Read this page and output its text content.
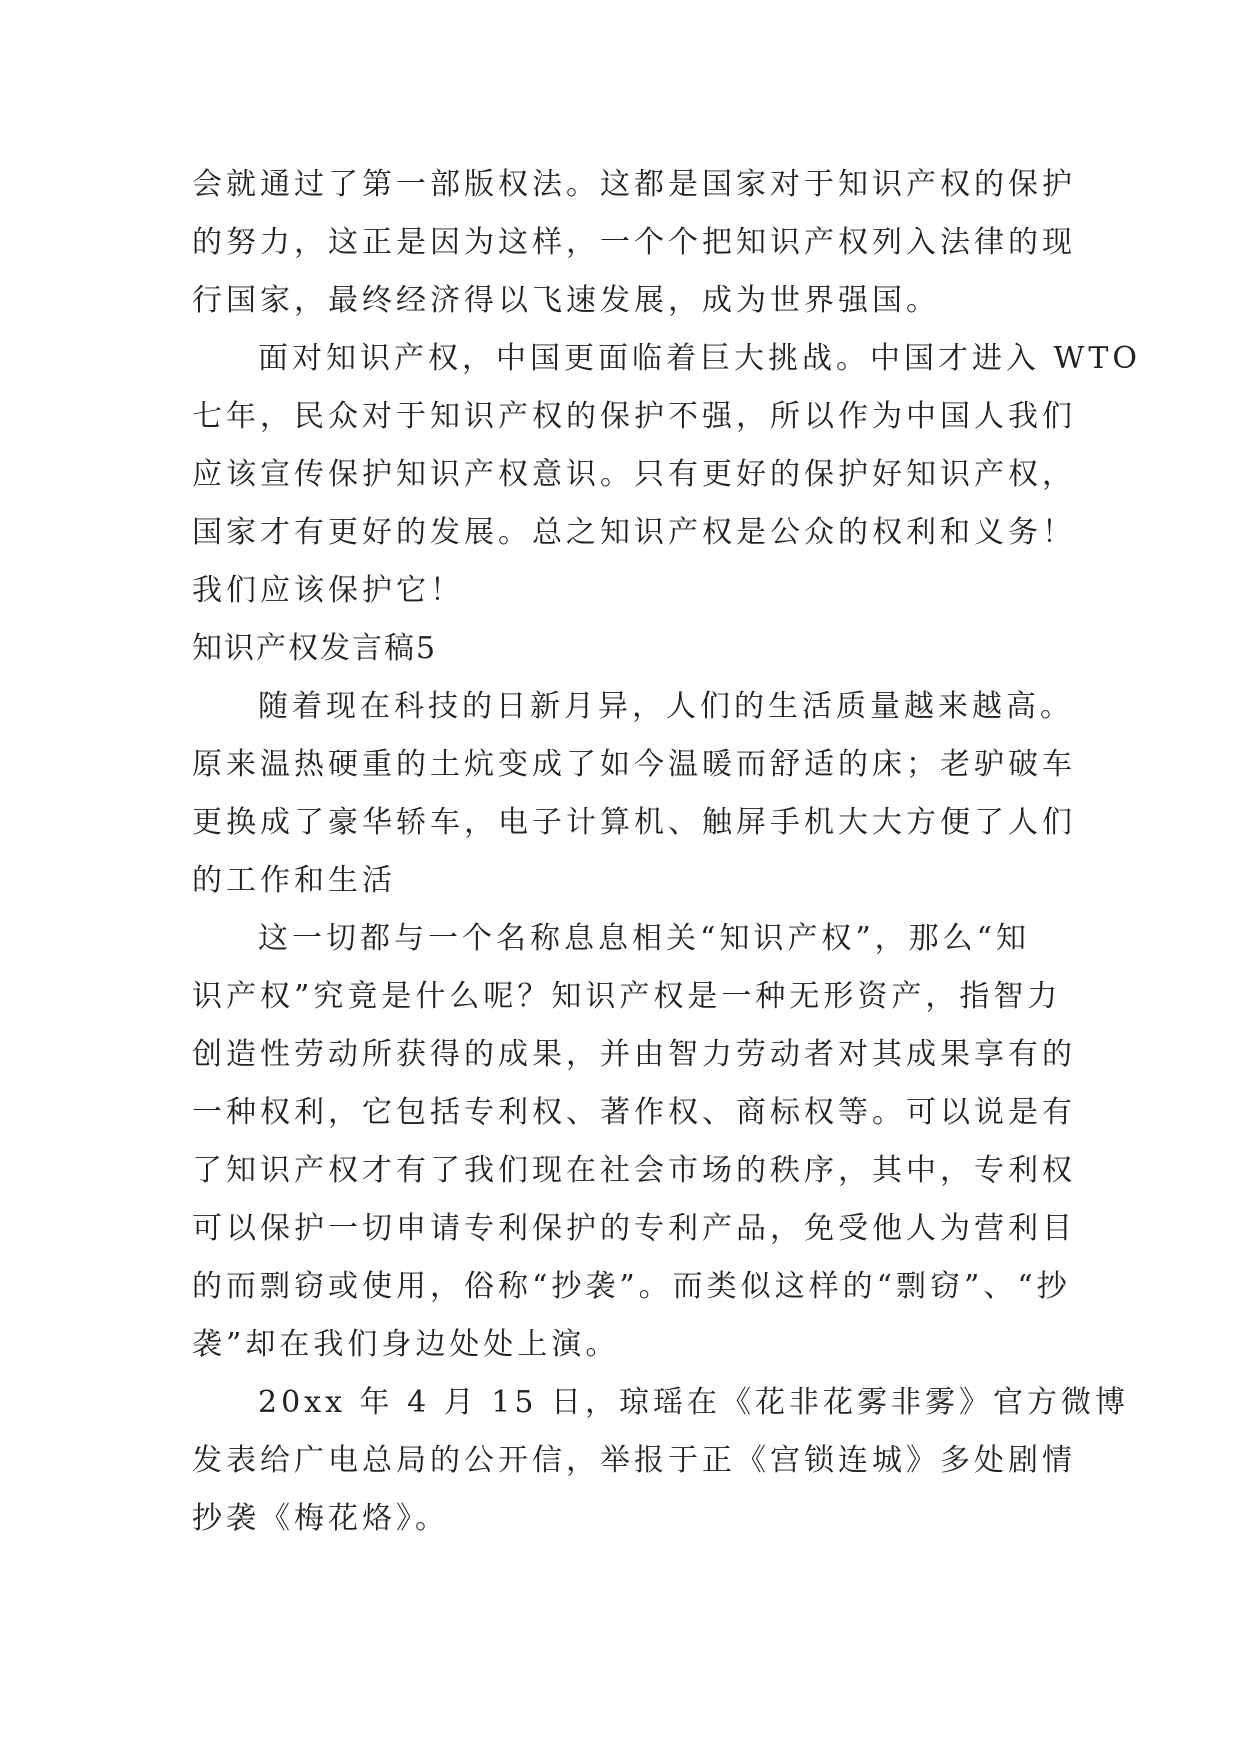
会就通过了第一部版权法。这都是国家对于知识产权的保护
的努力，这正是因为这样，一个个把知识产权列入法律的现
行国家，最终经济得以飞速发展，成为世界强国。
面对知识产权，中国更面临着巨大挑战。中国才进入 WTO
七年，民众对于知识产权的保护不强，所以作为中国人我们
应该宣传保护知识产权意识。只有更好的保护好知识产权，
国家才有更好的发展。总之知识产权是公众的权利和义务！
我们应该保护它！
知识产权发言稿5
随着现在科技的日新月异，人们的生活质量越来越高。
原来温热硬重的土炕变成了如今温暖而舒适的床；老驴破车
更换成了豪华轿车，电子计算机、触屏手机大大方便了人们
的工作和生活
这一切都与一个名称息息相关“知识产权”，那么“知
识产权”究竟是什么呢？知识产权是一种无形资产，指智力
创造性劳动所获得的成果，并由智力劳动者对其成果享有的
一种权利，它包括专利权、著作权、商标权等。可以说是有
了知识产权才有了我们现在社会市场的秩序，其中，专利权
可以保护一切申请专利保护的专利产品，免受他人为营利目
的而剽窃或使用，俗称“抄袭”。而类似这样的“剽窃”、“抄
袭”却在我们身边处处上演。
20xx 年 4 月 15 日，琼瑶在《花非花雾非雾》官方微博
发表给广电总局的公开信，举报于正《宫锁连城》多处剧情
抄袭《梅花烙》。
